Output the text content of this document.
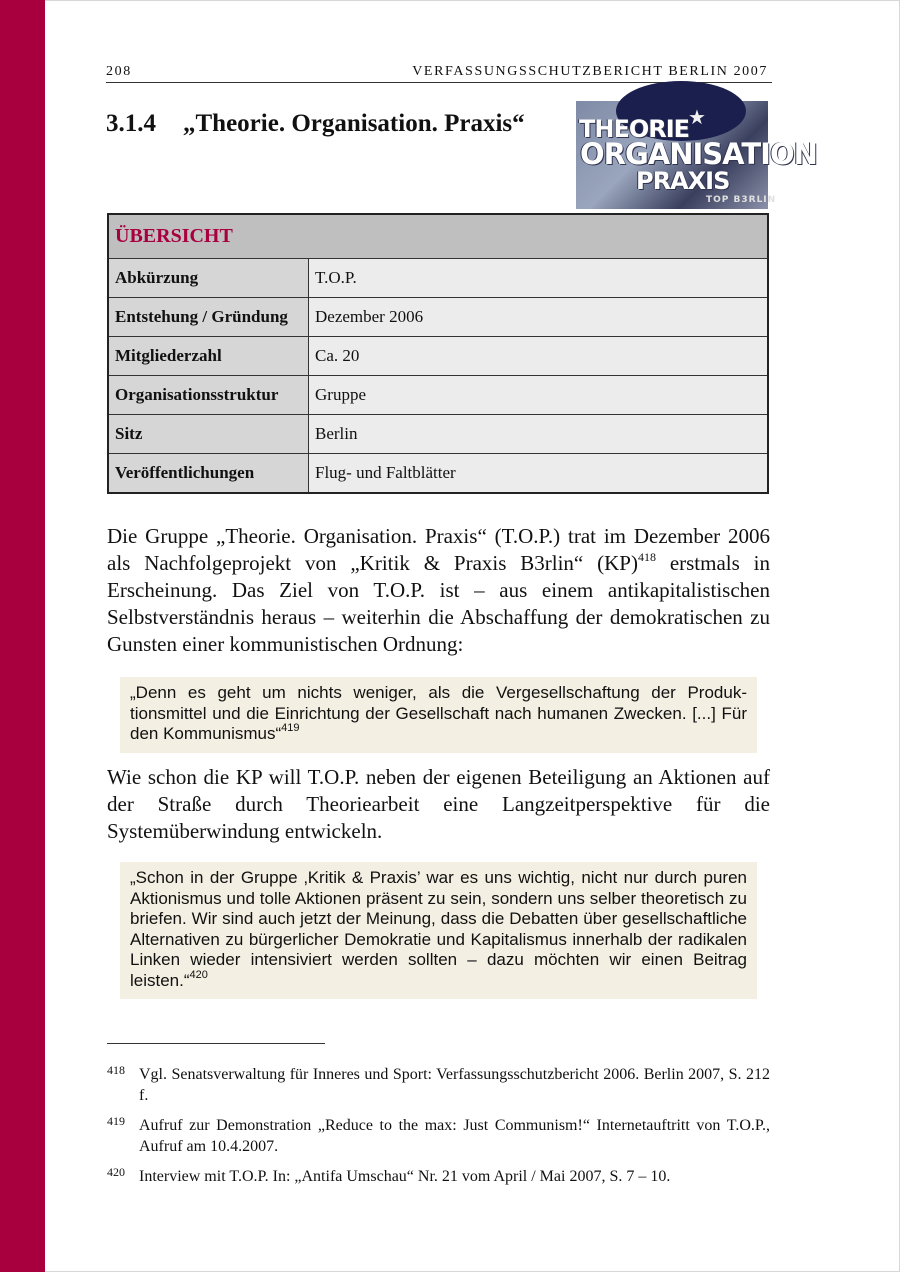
208	VERFASSUNGSSCHUTZBERICHT BERLIN 2007
3.1.4 „Theorie. Organisation. Praxis“	★
THEORIE
ORGANISATION
PRAXIS
TOP B3RLIN
ÜBERSICHT	
Abkürzung	T.O.P.
Entstehung / Gründung	Dezember 2006
Mitgliederzahl	Ca. 20
Organisationsstruktur	Gruppe
Sitz	Berlin
Veröffentlichungen	Flug- und Faltblätter

Die Gruppe „Theorie. Organisation. Praxis“ (T.O.P.) trat im Dezember 2006 als Nachfolgeprojekt von „Kritik & Praxis B3rlin“ (KP)$^{418}$ erstmals in Erscheinung. Das Ziel von T.O.P. ist – aus einem antikapitalistischen Selbstverständnis heraus – weiterhin die Abschaffung der demokratischen zu Gunsten einer kommunistischen Ordnung:

„Denn es geht um nichts weniger, als die Vergesellschaftung der Produktionsmittel und die Einrichtung der Gesellschaft nach humanen Zwecken. [...] Für den Kommunismus“$^{419}$

Wie schon die KP will T.O.P. neben der eigenen Beteiligung an Aktionen auf der Straße durch Theoriearbeit eine Langzeitperspektive für die Systemüberwindung entwickeln.

„Schon in der Gruppe ‚Kritik & Praxis’ war es uns wichtig, nicht nur durch puren Aktionismus und tolle Aktionen präsent zu sein, sondern uns selber theoretisch zu briefen. Wir sind auch jetzt der Meinung, dass die Debatten über gesellschaftliche Alternativen zu bürgerlicher Demokratie und Kapitalismus innerhalb der radikalen Linken wieder intensiviert werden sollten – dazu möchten wir einen Beitrag leisten.“$^{420}$

418 Vgl. Senatsverwaltung für Inneres und Sport: Verfassungsschutzbericht 2006. Berlin 2007, S. 212 f.

419 Aufruf zur Demonstration „Reduce to the max: Just Communism!“ Internetauftritt von T.O.P., Aufruf am 10.4.2007.

420 Interview mit T.O.P. In: „Antifa Umschau“ Nr. 21 vom April / Mai 2007, S. 7 – 10.
